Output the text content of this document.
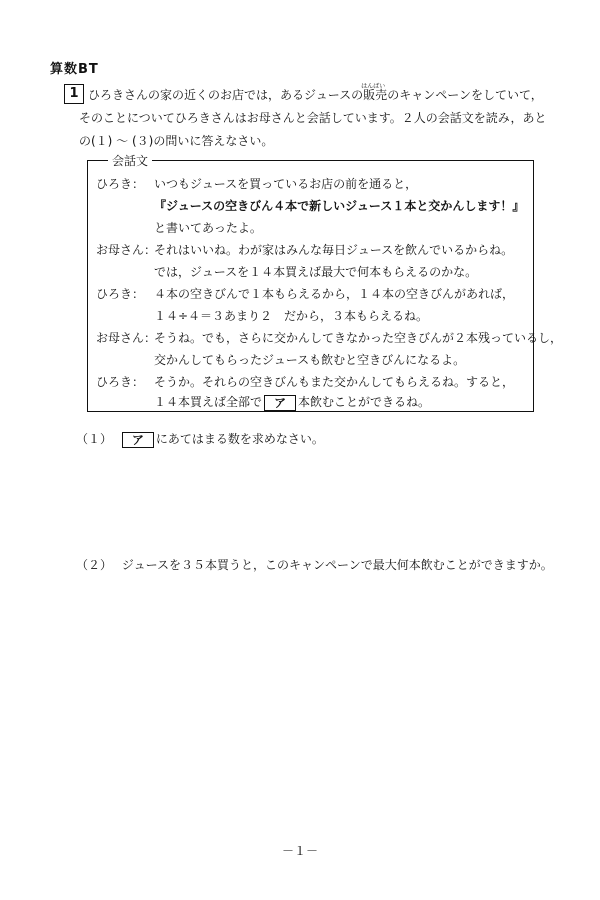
算数BT
1 ひろきさんの家の近くのお店では，あるジュースの
はんばい
販売のキャンペーンをしていて，

そのことについてひろきさんはお母さんと会話しています。２人の会話文を読み，あと

の(１) ～ (３)の問いに答えなさい。

会話文
ひろき： いつもジュースを買っているお店の前を通ると，
『ジュースの空きびん４本で新しいジュース１本と交かんします！』
と書いてあったよ。
お母さん：それはいいね。わが家はみんな毎日ジュースを飲んでいるからね。
では，ジュースを１４本買えば最大で何本もらえるのかな。
ひろき： ４本の空きびんで１本もらえるから，１４本の空きびんがあれば，
１４÷４＝３あまり２　だから，３本もらえるね。
お母さん：そうね。でも，さらに交かんしてきなかった空きびんが２本残っているし，
交かんしてもらったジュースも飲むと空きびんになるよ。
ひろき： そうか。それらの空きびんもまた交かんしてもらえるね。すると，
１４本買えば全部で ア 本飲むことができるね。
（１） ア にあてはまる数を求めなさい。
（２） ジュースを３５本買うと，このキャンペーンで最大何本飲むことができますか。
－１－
